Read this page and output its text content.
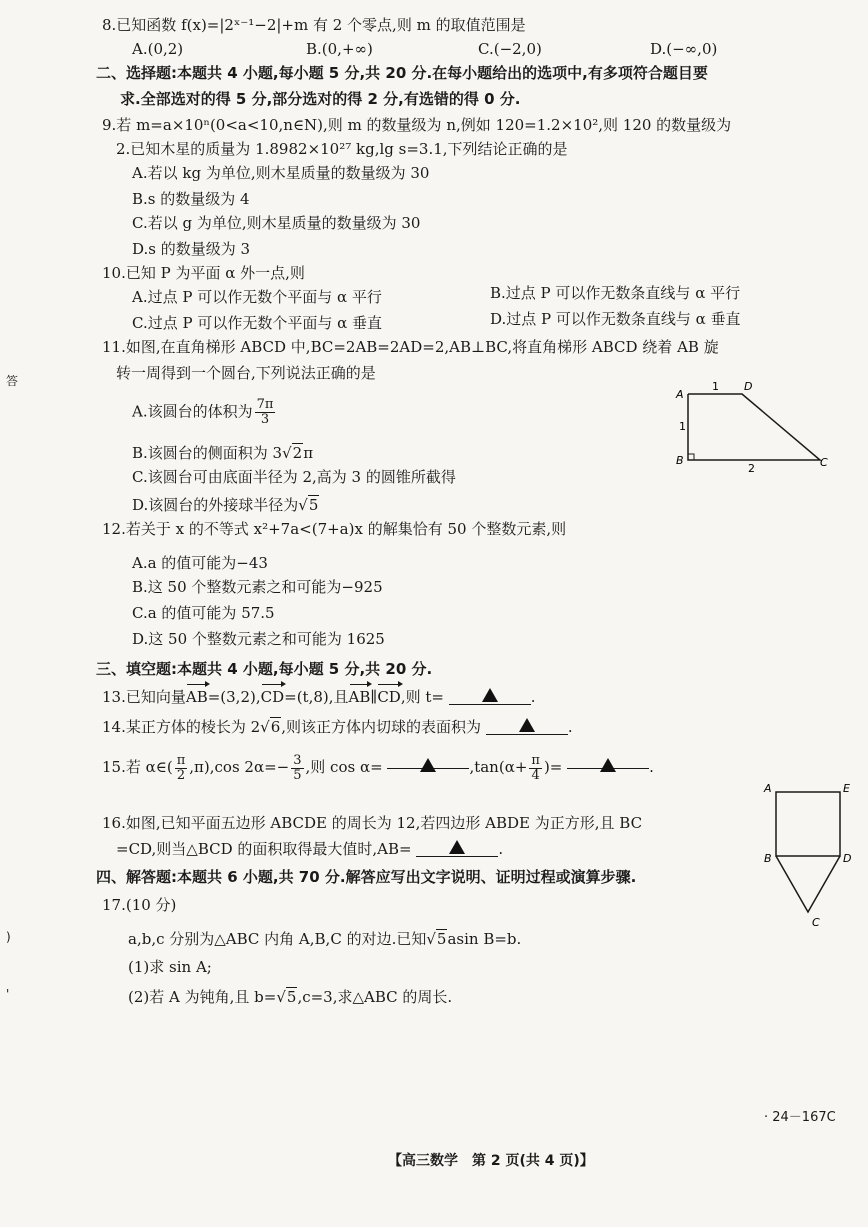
答
)
'
8.已知函数 f(x)=|2ˣ⁻¹−2|+m 有 2 个零点,则 m 的取值范围是
A.(0,2)	B.(0,+∞)	C.(−2,0)	D.(−∞,0)
二、选择题:本题共 4 小题,每小题 5 分,共 20 分.在每小题给出的选项中,有多项符合题目要
求.全部选对的得 5 分,部分选对的得 2 分,有选错的得 0 分.
9.若 m=a×10ⁿ(0<a<10,n∈N),则 m 的数量级为 n,例如 120=1.2×10²,则 120 的数量级为
2.已知木星的质量为 1.8982×10²⁷ kg,lg s=3.1,下列结论正确的是
A.若以 kg 为单位,则木星质量的数量级为 30
B.s 的数量级为 4
C.若以 g 为单位,则木星质量的数量级为 30
D.s 的数量级为 3
10.已知 P 为平面 α 外一点,则
A.过点 P 可以作无数个平面与 α 平行	B.过点 P 可以作无数条直线与 α 平行
C.过点 P 可以作无数个平面与 α 垂直	D.过点 P 可以作无数条直线与 α 垂直
11.如图,在直角梯形 ABCD 中,BC=2AB=2AD=2,AB⊥BC,将直角梯形 ABCD 绕着 AB 旋
转一周得到一个圆台,下列说法正确的是
A.该圆台的体积为 $\frac{7\pi}{3}$
B.该圆台的侧面积为 3√2π
C.该圆台可由底面半径为 2,高为 3 的圆锥所截得
D.该圆台的外接球半径为√5
A
D
B	C
1
1
2
12.若关于 x 的不等式 x²+7a<(7+a)x 的解集恰有 50 个整数元素,则
A.a 的值可能为−43
B.这 50 个整数元素之和可能为−925
C.a 的值可能为 57.5
D.这 50 个整数元素之和可能为 1625
三、填空题:本题共 4 小题,每小题 5 分,共 20 分.
13.已知向量AB=(3,2),CD=(t,8),且AB∥CD,则 t=	.
14.某正方体的棱长为 2√6,则该正方体内切球的表面积为	.
15.若 α∈( $\frac{\pi}{2} ,\pi),\cos$ $2\alpha=- \frac{3}{5}$ ,则 cos α=	$,\tan(\alpha+ \frac{\pi}{4}$ )=	.
16.如图,已知平面五边形 ABCDE 的周长为 12,若四边形 ABDE 为正方形,且 BC
=CD,则当△BCD 的面积取得最大值时,AB=	.
A	E
B	D
C
四、解答题:本题共 6 小题,共 70 分.解答应写出文字说明、证明过程或演算步骤.
17.(10 分)
a,b,c 分别为△ABC 内角 A,B,C 的对边.已知√5asin B=b.
(1)求 sin A;
(2)若 A 为钝角,且 b=√5,c=3,求△ABC 的周长.
· 24－167C
【高三数学　第 2 页(共 4 页)】
